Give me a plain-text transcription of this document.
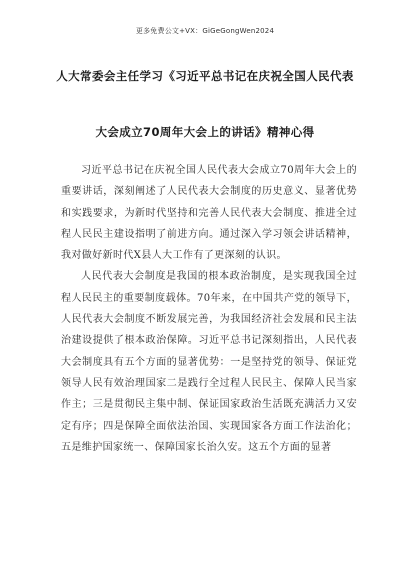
更多免费公文+VX：GiGeGongWen2024
人大常委会主任学习《习近平总书记在庆祝全国人民代表
大会成立70周年大会上的讲话》精神心得

习近平总书记在庆祝全国人民代表大会成立70周年大会上的重要讲话，深刻阐述了人民代表大会制度的历史意义、显著优势和实践要求，为新时代坚持和完善人民代表大会制度、推进全过程人民民主建设指明了前进方向。通过深入学习领会讲话精神，我对做好新时代X县人大工作有了更深刻的认识。

人民代表大会制度是我国的根本政治制度，是实现我国全过程人民民主的重要制度载体。70年来，在中国共产党的领导下，人民代表大会制度不断发展完善，为我国经济社会发展和民主法治建设提供了根本政治保障。习近平总书记深刻指出，人民代表大会制度具有五个方面的显著优势：一是坚持党的领导、保证党领导人民有效治理国家二是践行全过程人民民主、保障人民当家作主；三是贯彻民主集中制、保证国家政治生活既充满活力又安定有序；四是保障全面依法治国、实现国家各方面工作法治化；五是维护国家统一、保障国家长治久安。这五个方面的显著
